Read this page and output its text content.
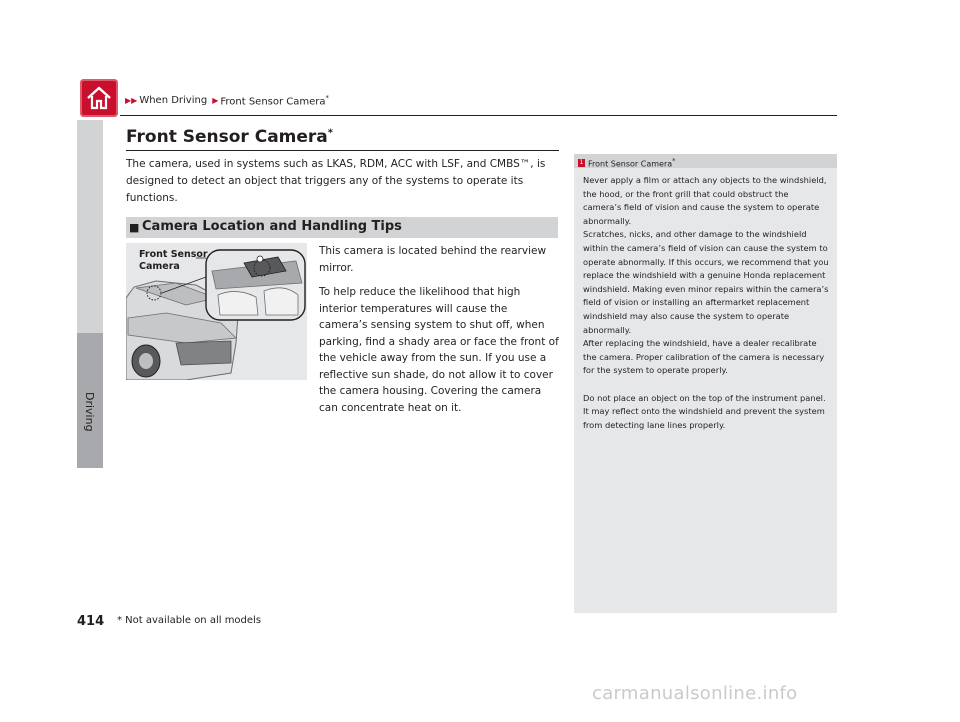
Driving
▶▶ When Driving ▶ Front Sensor Camera*
Front Sensor Camera*

The camera, used in systems such as LKAS, RDM, ACC with LSF, and CMBS™, is designed to detect an object that triggers any of the systems to operate its functions.

■ Camera Location and Handling Tips
Front Sensor
Camera

This camera is located behind the rearview mirror.

To help reduce the likelihood that high interior temperatures will cause the camera’s sensing system to shut off, when parking, find a shady area or face the front of the vehicle away from the sun. If you use a reflective sun shade, do not allow it to cover the camera housing. Covering the camera can concentrate heat on it.

1 Front Sensor Camera*
Never apply a film or attach any objects to the windshield, the hood, or the front grill that could obstruct the camera’s field of vision and cause the system to operate abnormally.
Scratches, nicks, and other damage to the windshield within the camera’s field of vision can cause the system to operate abnormally. If this occurs, we recommend that you replace the windshield with a genuine Honda replacement windshield. Making even minor repairs within the camera’s field of vision or installing an aftermarket replacement windshield may also cause the system to operate abnormally.
After replacing the windshield, have a dealer recalibrate the camera. Proper calibration of the camera is necessary for the system to operate properly.

Do not place an object on the top of the instrument panel. It may reflect onto the windshield and prevent the system from detecting lane lines properly.
414 * Not available on all models
carmanualsonline.info
